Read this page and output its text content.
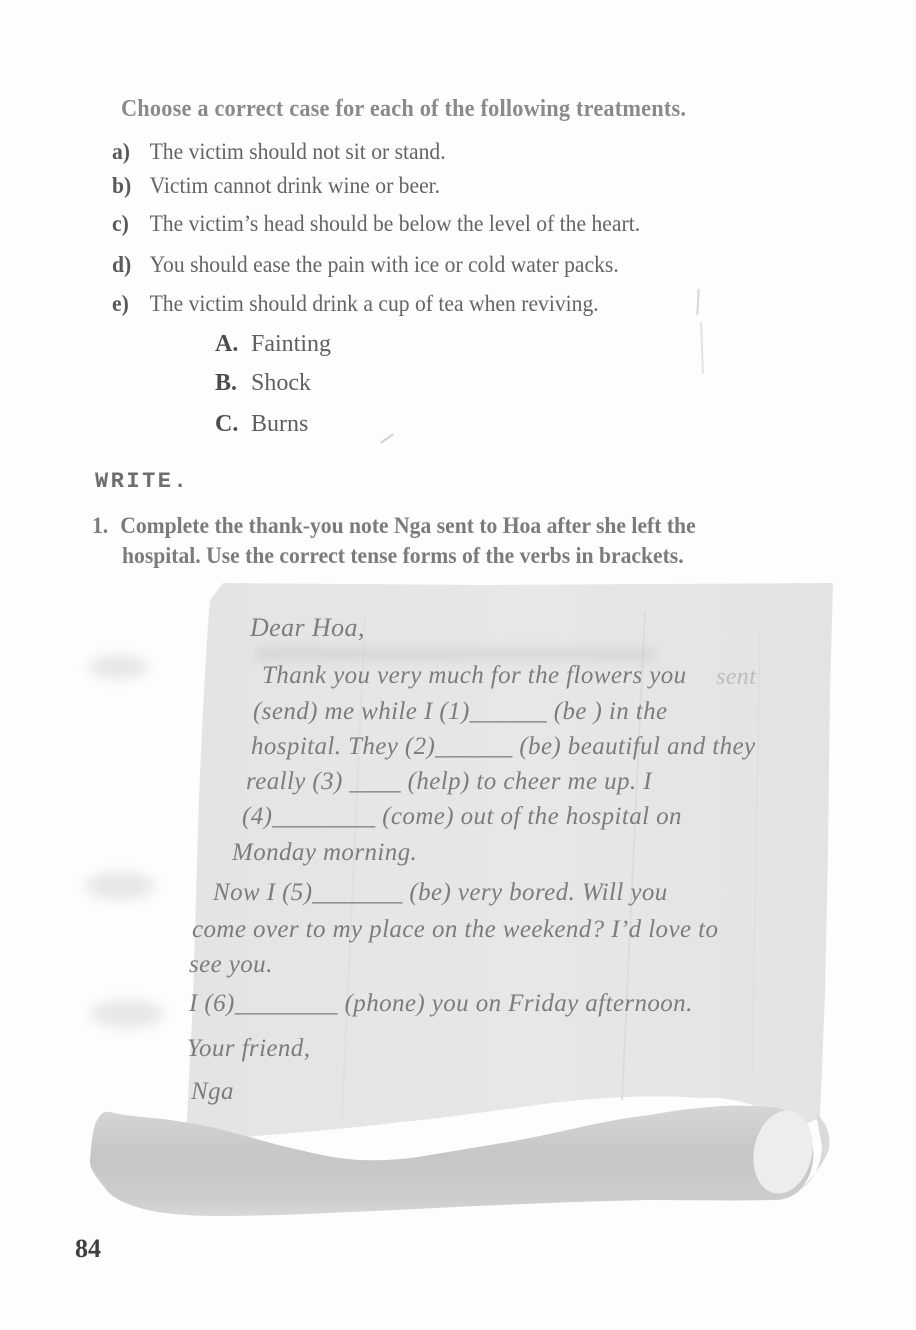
Choose a correct case for each of the following treatments.
a) The victim should not sit or stand.
b) Victim cannot drink wine or beer.
c) The victim’s head should be below the level of the heart.
d) You should ease the pain with ice or cold water packs.
e) The victim should drink a cup of tea when reviving.
A. Fainting
B. Shock
C. Burns
WRITE.
1. Complete the thank-you note Nga sent to Hoa after she left the
hospital. Use the correct tense forms of the verbs in brackets.
Dear Hoa,
Thank you very much for the flowers you sent
(send) me while I (1)______ (be ) in the
hospital. They (2)______ (be) beautiful and they
really (3) ____ (help) to cheer me up. I
(4)________ (come) out of the hospital on
Monday morning.
Now I (5)_______ (be) very bored. Will you
come over to my place on the weekend? I’d love to
see you.
I (6)________ (phone) you on Friday afternoon.
Your friend,
Nga
84
